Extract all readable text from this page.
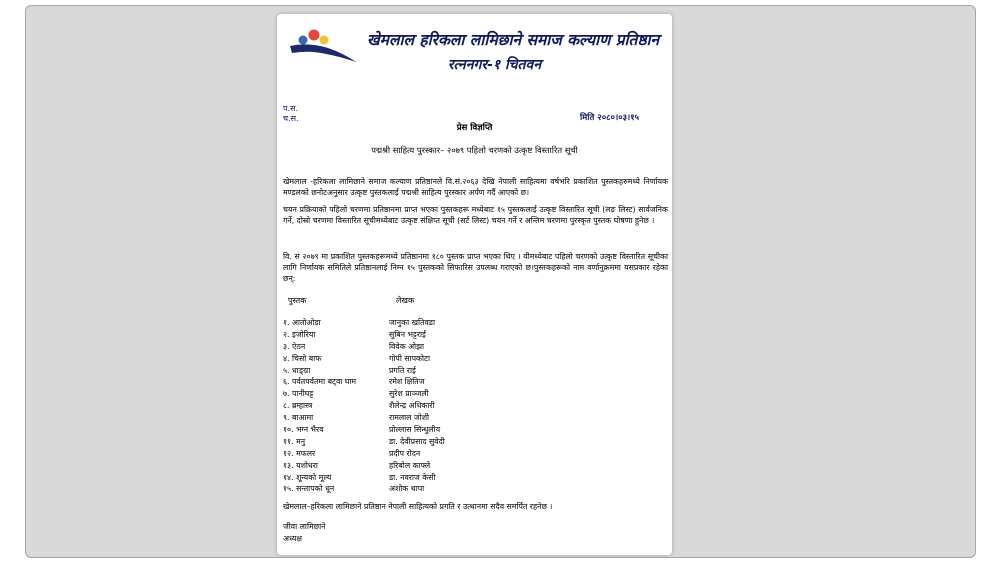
खेमलाल हरिकला लामिछाने समाज कल्याण प्रतिष्ठान
रत्ननगर-१ चितवन
प.स.
च.स.	मिति २०८०।०३।१५
प्रेस विज्ञप्ति
पद्मश्री साहित्य पुरस्कार– २०७९ पहिलो चरणको उत्कृष्ट विस्तारित सूची

खेमलाल -हरिकला लामिछाने समाज कल्याण प्रतिष्ठानले वि.सं.२०६३ देखि नेपाली साहित्यमा वर्षभरि प्रकाशित पुस्तकहरुमध्ये निर्णायक मण्डलको छनोटअनुसार उत्कृष्ट पुस्तकलाई पद्मश्री साहित्य पुरस्कार अर्पण गर्दै आएको छ।

चयन प्रक्रियाको पहिलो चरणमा प्रतिष्ठानमा प्राप्त भएका पुस्तकहरू मध्येबाट १५ पुस्तकलाई उत्कृष्ट विस्तारित सूची (लङ लिस्ट) सार्वजनिक गर्ने, दोस्रो चरणमा विस्तारित सूचीमध्येबाट उत्कृष्ट संक्षिप्त सूची (सर्ट लिस्ट) चयन गर्ने र अन्तिम चरणमा पुरस्कृत पुस्तक घोषणा हुनेछ ।

वि. सं २०७९ मा प्रकाशित पुस्तकहरूमध्ये प्रतिष्ठानमा १८० पुस्तक प्राप्त भएका थिए । यीमध्येबाट पहिलो चरणको उत्कृष्ट विस्तारित सूचीका लागि निर्णायक समितिले प्रतिष्ठानलाई निम्न १५ पुस्तकको सिफारिस उपलब्ध गराएको छ।पुस्तकहरूको नाम वर्णानुक्रममा यसप्रकार रहेका छन्:

पुस्तक	लेखक
१. आतोओडा	जानुका खतिवडा
२. इजोरिया	सुबिन भट्टराई
३. ऐठन	विवेक ओझा
४. चिसो बाफ	गोपी सापकोटा
५. धाङ्ग्रा	प्रगति राई
६. पर्वतपर्वतमा बट्वा घाम	रमेश क्षितिज
७. पानीघट्ट	सुरेश प्राञ्जली
८. ब्रम्हास्त्र	शैलेन्द्र अधिकारी
९. बाआमा	रामलाल जोशी
१०. भग्न भैरव	प्रोल्लास सिन्धुलीय
११. मनु	डा. देवीप्रसाद सुवेदी
१२. मफलर	प्रदीप रोदन
१३. यशोधरा	हरिबोल काफ्ले
१४. शून्यको मूल्य	डा. नवराज केसी
१५. सन्तापको धून	अशोक थापा
खेमलाल–हरिकला लामिछाने प्रतिष्ठान नेपाली साहित्यको प्रगति र उत्थानमा सदैव समर्पित रहनेछ ।
जीवा लामिछाने
अध्यक्ष
